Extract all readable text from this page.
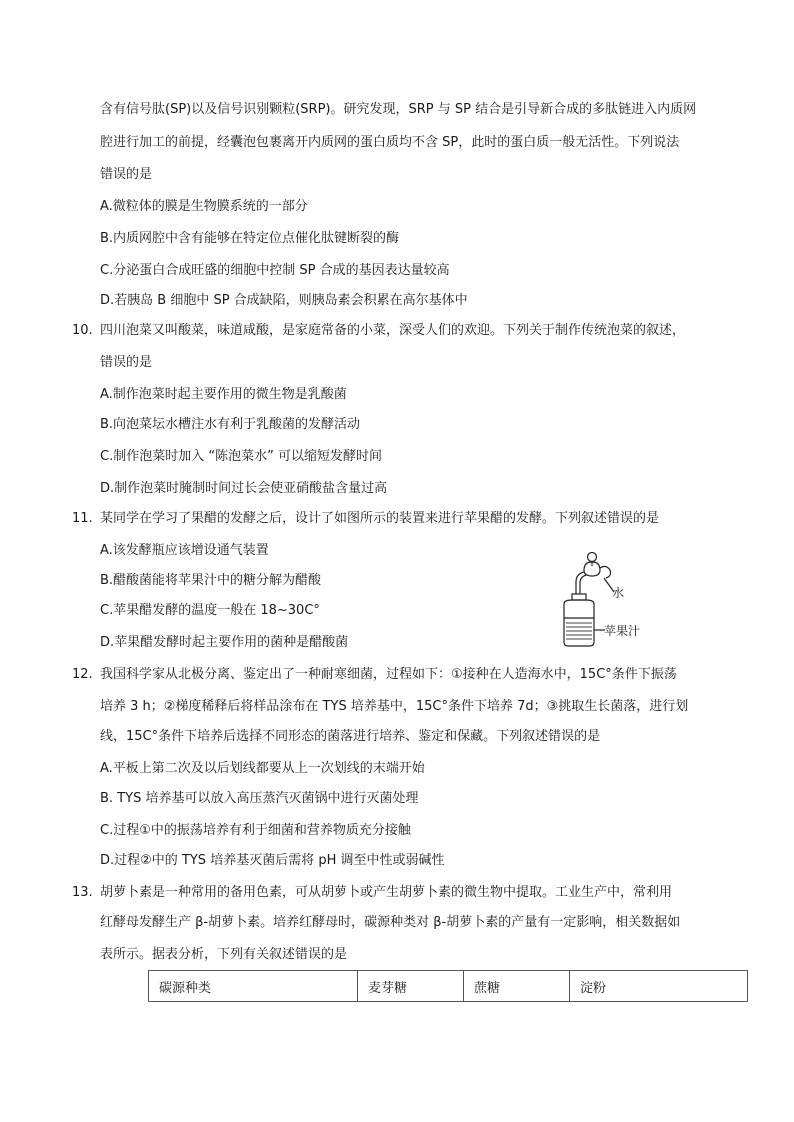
含有信号肽(SP)以及信号识别颗粒(SRP)。研究发现，SRP 与 SP 结合是引导新合成的多肽链进入内质网
腔进行加工的前提，经囊泡包裹离开内质网的蛋白质均不含 SP，此时的蛋白质一般无活性。下列说法
错误的是
A.微粒体的膜是生物膜系统的一部分
B.内质网腔中含有能够在特定位点催化肽键断裂的酶
C.分泌蛋白合成旺盛的细胞中控制 SP 合成的基因表达量较高
D.若胰岛 B 细胞中 SP 合成缺陷，则胰岛素会积累在高尔基体中
10. 四川泡菜又叫酸菜，味道咸酸，是家庭常备的小菜，深受人们的欢迎。下列关于制作传统泡菜的叙述，
错误的是
A.制作泡菜时起主要作用的微生物是乳酸菌
B.向泡菜坛水槽注水有利于乳酸菌的发酵活动
C.制作泡菜时加入 “陈泡菜水” 可以缩短发酵时间
D.制作泡菜时腌制时间过长会使亚硝酸盐含量过高
11. 某同学在学习了果醋的发酵之后，设计了如图所示的装置来进行苹果醋的发酵。下列叙述错误的是
A.该发酵瓶应该增设通气装置
B.醋酸菌能将苹果汁中的糖分解为醋酸
C.苹果醋发酵的温度一般在 18~30C°
D.苹果醋发酵时起主要作用的菌种是醋酸菌
水
苹果汁
12. 我国科学家从北极分离、鉴定出了一种耐寒细菌，过程如下：①接种在人造海水中，15C°条件下振荡
培养 3 h；②梯度稀释后将样品涂布在 TYS 培养基中，15C°条件下培养 7d；③挑取生长菌落，进行划
线，15C°条件下培养后选择不同形态的菌落进行培养、鉴定和保藏。下列叙述错误的是
A.平板上第二次及以后划线都要从上一次划线的末端开始
B. TYS 培养基可以放入高压蒸汽灭菌锅中进行灭菌处理
C.过程①中的振荡培养有利于细菌和营养物质充分接触
D.过程②中的 TYS 培养基灭菌后需将 pH 调至中性或弱碱性
13. 胡萝卜素是一种常用的备用色素，可从胡萝卜或产生胡萝卜素的微生物中提取。工业生产中，常利用
红酵母发酵生产 β-胡萝卜素。培养红酵母时，碳源种类对 β-胡萝卜素的产量有一定影响，相关数据如
表所示。据表分析，下列有关叙述错误的是
碳源种类	麦芽糖	蔗糖	淀粉
